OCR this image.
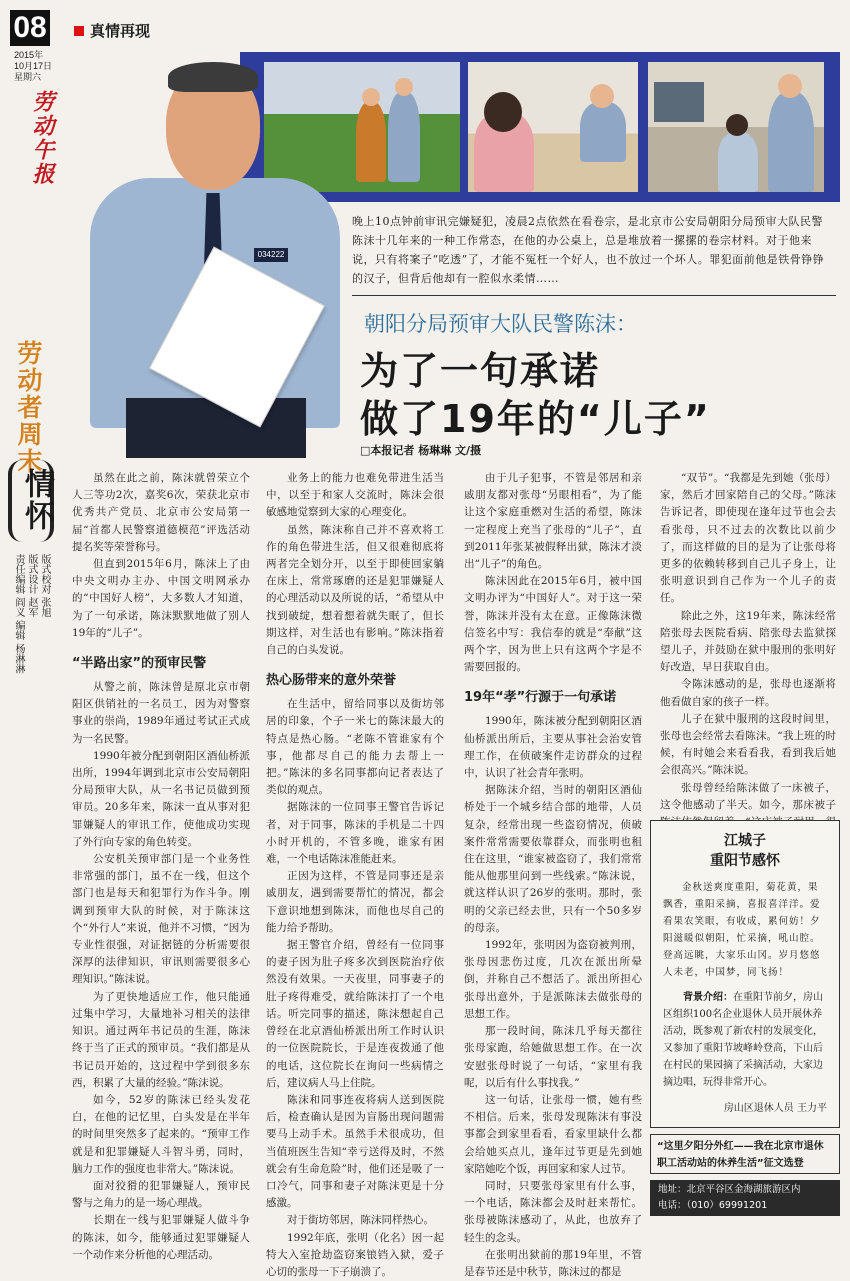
08
2015年
10月17日
星期六
劳动午报
劳动者周末
情怀
版式校对 张旭
版式设计 赵军
责任编辑 阎义 编辑 杨淋淋
真情再现
034222
晚上10点钟前审讯完嫌疑犯，凌晨2点依然在看卷宗，是北京市公安局朝阳分局预审大队民警陈沫十几年来的一种工作常态，在他的办公桌上，总是堆放着一摞摞的卷宗材料。对于他来说，只有将案子“吃透”了，才能不冤枉一个好人，也不放过一个坏人。罪犯面前他是铁骨铮铮的汉子，但背后他却有一腔似水柔情……
朝阳分局预审大队民警陈沫：
为了一句承诺
做了19年的“儿子”
□本报记者 杨琳琳 文/摄

虽然在此之前，陈沫就曾荣立个人三等功2次，嘉奖6次，荣获北京市优秀共产党员、北京市公安局第一届“首都人民警察道德模范”评选活动提名奖等荣誉称号。

但直到2015年6月，陈沫上了由中央文明办主办、中国文明网承办的“中国好人榜”，大多数人才知道，为了一句承诺，陈沫默默地做了别人19年的“儿子”。

“半路出家”的预审民警

从警之前，陈沫曾是原北京市朝阳区供销社的一名员工，因为对警察事业的崇尚，1989年通过考试正式成为一名民警。

1990年被分配到朝阳区酒仙桥派出所，1994年调到北京市公安局朝阳分局预审大队，从一名书记员做到预审员。20多年来，陈沫一直从事对犯罪嫌疑人的审讯工作，使他成功实现了外行向专家的角色转变。

公安机关预审部门是一个业务性非常强的部门，虽不在一线，但这个部门也是每天和犯罪行为作斗争。刚调到预审大队的时候，对于陈沫这个“外行人”来说，他并不习惯，“因为专业性很强，对证据链的分析需要很深厚的法律知识，审讯则需要很多心理知识。”陈沫说。

为了更快地适应工作，他只能通过集中学习，大量地补习相关的法律知识。通过两年书记员的生涯，陈沫终于当了正式的预审员。“我们都是从书记员开始的，这过程中学到很多东西，积累了大量的经验。”陈沫说。

如今，52岁的陈沫已经头发花白，在他的记忆里，白头发是在半年的时间里突然多了起来的。“预审工作就是和犯罪嫌疑人斗智斗勇，同时，脑力工作的强度也非常大。”陈沫说。

面对狡猾的犯罪嫌疑人，预审民警与之角力的是一场心理战。

长期在一线与犯罪嫌疑人做斗争的陈沫，如今，能够通过犯罪嫌疑人一个动作来分析他的心理活动。

业务上的能力也难免带进生活当中，以至于和家人交流时，陈沫会很敏感地觉察到大家的心理变化。

虽然，陈沫称自己并不喜欢将工作的角色带进生活，但又很难彻底将两者完全划分开，以至于即使回家躺在床上，常常琢磨的还是犯罪嫌疑人的心理活动以及所说的话，“希望从中找到破绽，想着想着就失眠了，但长期这样，对生活也有影响。”陈沫指着自己的白头发说。

热心肠带来的意外荣誉

在生活中，留给同事以及街坊邻居的印象，个子一米七的陈沫最大的特点是热心肠。“老陈不管谁家有个事，他都尽自己的能力去帮上一把。”陈沫的多名同事都向记者表达了类似的观点。

据陈沫的一位同事王警官告诉记者，对于同事，陈沫的手机是二十四小时开机的，不管多晚，谁家有困难，一个电话陈沫准能赶来。

正因为这样，不管是同事还是亲戚朋友，遇到需要帮忙的情况，都会下意识地想到陈沫，而他也尽自己的能力给予帮助。

据王警官介绍，曾经有一位同事的妻子因为肚子疼多次到医院治疗依然没有效果。一天夜里，同事妻子的肚子疼得难受，就给陈沫打了一个电话。听完同事的描述，陈沫想起自己曾经在北京酒仙桥派出所工作时认识的一位医院院长，于是连夜拨通了他的电话，这位院长在询问一些病情之后，建议病人马上住院。

陈沫和同事连夜将病人送到医院后，检查确认是因为盲肠出现问题需要马上动手术。虽然手术很成功，但当值班医生告知“幸亏送得及时，不然就会有生命危险”时，他们还是吸了一口冷气，同事和妻子对陈沫更是十分感激。

对于街坊邻居，陈沫同样热心。

1992年底，张明（化名）因一起特大入室抢劫盗窃案锒铛入狱，爱子心切的张母一下子崩溃了。

由于儿子犯事，不管是邻居和亲戚朋友都对张母“另眼相看”，为了能让这个家庭重燃对生活的希望，陈沫一定程度上充当了张母的“儿子”，直到2011年张某被假释出狱，陈沫才淡出“儿子”的角色。

陈沫因此在2015年6月，被中国文明办评为“中国好人”。对于这一荣誉，陈沫并没有太在意。正像陈沫微信签名中写：我信奉的就是“奉献”这两个字，因为世上只有这两个字是不需要回报的。

19年“孝”行源于一句承诺

1990年，陈沫被分配到朝阳区酒仙桥派出所后，主要从事社会治安管理工作，在侦破案件走访群众的过程中，认识了社会青年张明。

据陈沫介绍，当时的朝阳区酒仙桥处于一个城乡结合部的地带，人员复杂，经常出现一些盗窃情况，侦破案件常常需要依靠群众，而张明也租住在这里，“谁家被盗窃了，我们常常能从他那里问到一些线索。”陈沫说，就这样认识了26岁的张明。那时，张明的父亲已经去世，只有一个50多岁的母亲。

1992年，张明因为盗窃被判刑，张母因悲伤过度，几次在派出所晕倒，并称自己不想活了。派出所担心张母出意外，于是派陈沫去做张母的思想工作。

那一段时间，陈沫几乎每天都往张母家跑，给她做思想工作。在一次安慰张母时说了一句话，“家里有我呢，以后有什么事找我。”

这一句话，让张母一惯，她有些不相信。后来，张母发现陈沫有事没事都会到家里看看，看家里缺什么都会给她买点儿，逢年过节更是先到她家陪她吃个饭，再回家和家人过节。

同时，只要张母家里有什么事，一个电话，陈沫都会及时赶来帮忙。张母被陈沫感动了，从此，也放弃了轻生的念头。

在张明出狱前的那19年里，不管是春节还是中秋节，陈沫过的都是

“双节”。“我都是先到她（张母）家，然后才回家陪自己的父母。”陈沫告诉记者，即使现在逢年过节也会去看张母，只不过去的次数比以前少了，而这样做的目的是为了让张母将更多的依赖转移到自己儿子身上，让张明意识到自己作为一个儿子的责任。

除此之外，这19年来，陈沫经常陪张母去医院看病、陪张母去监狱探望儿子，并鼓励在狱中服刑的张明好好改造，早日获取自由。

令陈沫感动的是，张母也逐渐将他看做自家的孩子一样。

儿子在狱中服刑的这段时间里，张母也会经常去看陈沫。“我上班的时候，有时她会来看看我，看到我后她会很高兴。”陈沫说。

张母曾经给陈沫做了一床被子，这令他感动了半天。如今，那床被子

江城子
重阳节感怀
金秋送爽度重阳，菊花黄，果飘香，重阳采摘，喜报喜洋洋。爱看果农笑眼，有收成，累何妨！夕阳滋暖似朝阳，忙采摘，吼山腔。登高远眺，大家乐山冈。岁月悠悠人未老，中国梦，同飞扬！
背景介绍：在重阳节前夕，房山区组织100名企业退休人员开展休养活动，既参观了新农村的发展变化，又参加了重阳节坡峰岭登高，下山后在村民的果园摘了采摘活动，大家边摘边唱，玩得非常开心。
房山区退休人员 王力平
“这里夕阳分外红——我在北京市退休职工活动站的休养生活”征文选登
地址：北京平谷区金海湖旅游区内
电话：（010）69991201
